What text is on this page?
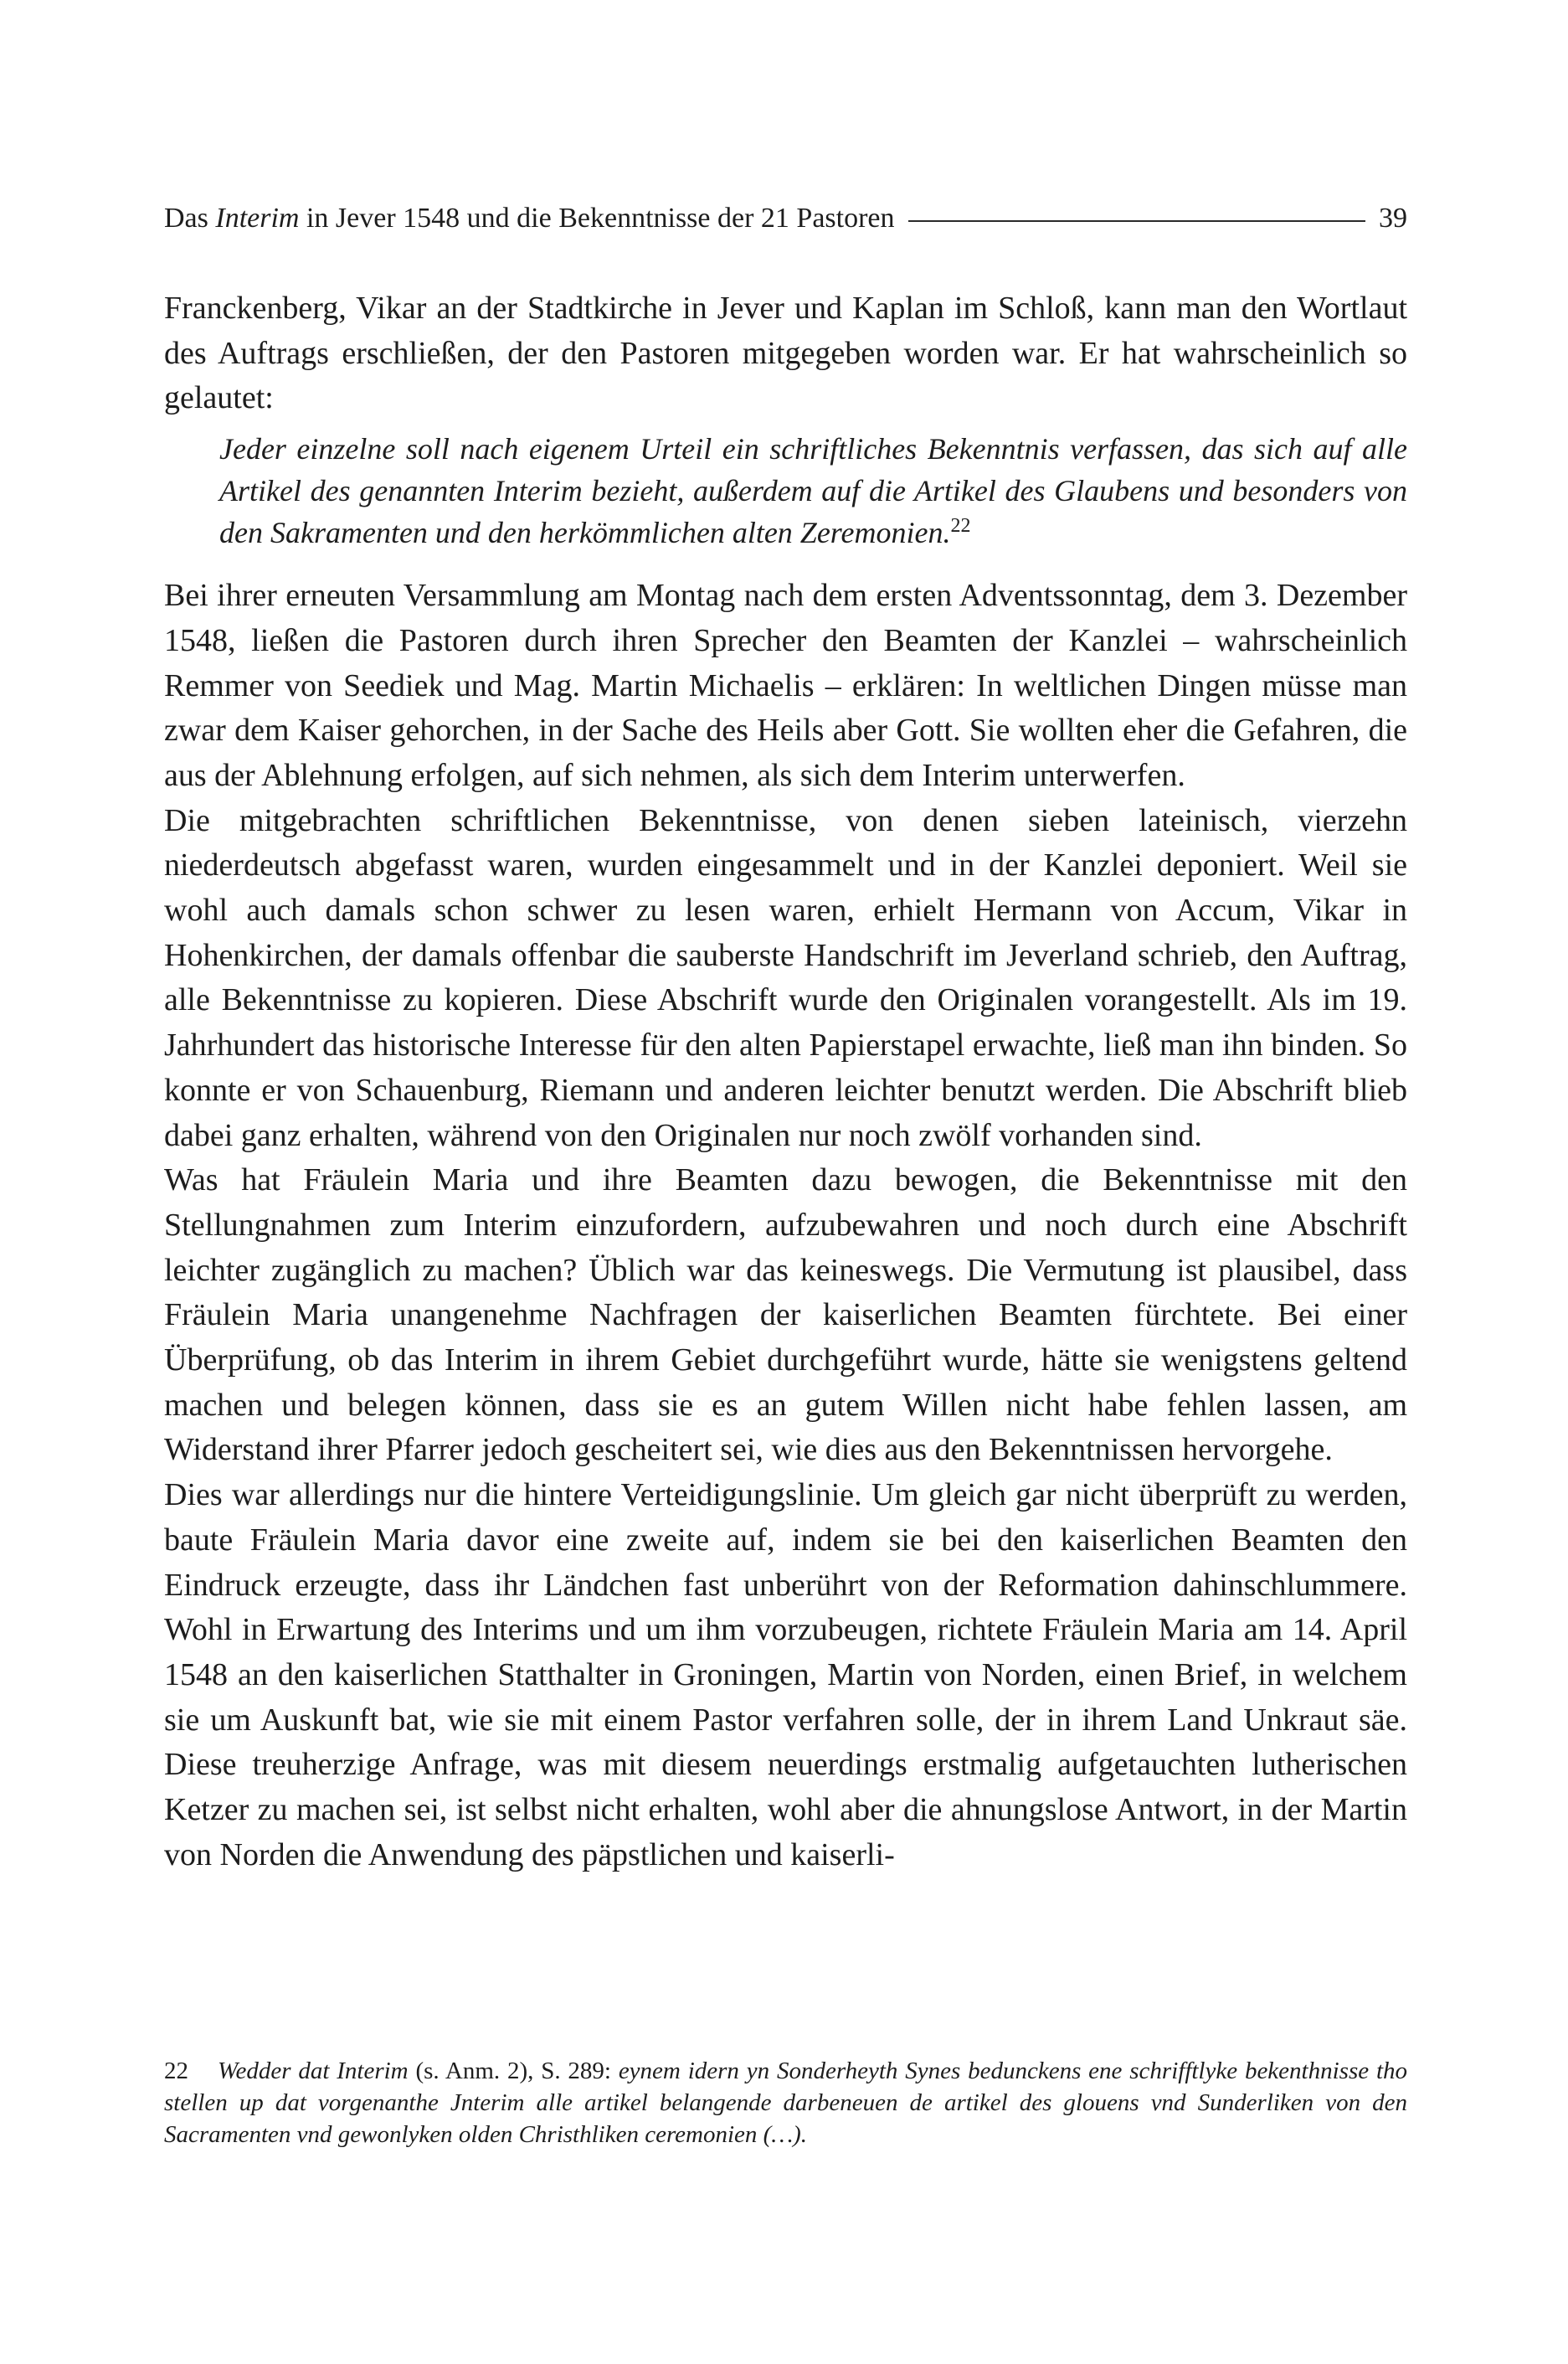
Das Interim in Jever 1548 und die Bekenntnisse der 21 Pastoren	39

Franckenberg, Vikar an der Stadtkirche in Jever und Kaplan im Schloß, kann man den Wortlaut des Auftrags erschließen, der den Pastoren mitgegeben worden war. Er hat wahrscheinlich so gelautet:

Jeder einzelne soll nach eigenem Urteil ein schriftliches Bekenntnis verfassen, das sich auf alle Artikel des genannten Interim bezieht, außerdem auf die Artikel des Glaubens und besonders von den Sakramenten und den herkömmlichen alten Zeremonien.$^{22}$

Bei ihrer erneuten Versammlung am Montag nach dem ersten Adventssonntag, dem 3. Dezember 1548, ließen die Pastoren durch ihren Sprecher den Beamten der Kanzlei – wahrscheinlich Remmer von Seediek und Mag. Martin Michaelis – erklären: In weltlichen Dingen müsse man zwar dem Kaiser gehorchen, in der Sache des Heils aber Gott. Sie wollten eher die Gefahren, die aus der Ablehnung erfolgen, auf sich nehmen, als sich dem Interim unterwerfen.

Die mitgebrachten schriftlichen Bekenntnisse, von denen sieben lateinisch, vierzehn niederdeutsch abgefasst waren, wurden eingesammelt und in der Kanzlei deponiert. Weil sie wohl auch damals schon schwer zu lesen waren, erhielt Hermann von Accum, Vikar in Hohenkirchen, der damals offenbar die sauberste Handschrift im Jeverland schrieb, den Auftrag, alle Bekenntnisse zu kopieren. Diese Abschrift wurde den Originalen vorangestellt. Als im 19. Jahrhundert das historische Interesse für den alten Papierstapel erwachte, ließ man ihn binden. So konnte er von Schauenburg, Riemann und anderen leichter benutzt werden. Die Abschrift blieb dabei ganz erhalten, während von den Originalen nur noch zwölf vorhanden sind.

Was hat Fräulein Maria und ihre Beamten dazu bewogen, die Bekenntnisse mit den Stellungnahmen zum Interim einzufordern, aufzubewahren und noch durch eine Abschrift leichter zugänglich zu machen? Üblich war das keineswegs. Die Vermutung ist plausibel, dass Fräulein Maria unangenehme Nachfragen der kaiserlichen Beamten fürchtete. Bei einer Überprüfung, ob das Interim in ihrem Gebiet durchgeführt wurde, hätte sie wenigstens geltend machen und belegen können, dass sie es an gutem Willen nicht habe fehlen lassen, am Widerstand ihrer Pfarrer jedoch gescheitert sei, wie dies aus den Bekenntnissen hervorgehe.

Dies war allerdings nur die hintere Verteidigungslinie. Um gleich gar nicht überprüft zu werden, baute Fräulein Maria davor eine zweite auf, indem sie bei den kaiserlichen Beamten den Eindruck erzeugte, dass ihr Ländchen fast unberührt von der Reformation dahinschlummere. Wohl in Erwartung des Interims und um ihm vorzubeugen, richtete Fräulein Maria am 14. April 1548 an den kaiserlichen Statthalter in Groningen, Martin von Norden, einen Brief, in welchem sie um Auskunft bat, wie sie mit einem Pastor verfahren solle, der in ihrem Land Unkraut säe. Diese treuherzige Anfrage, was mit diesem neuerdings erstmalig aufgetauchten lutherischen Ketzer zu machen sei, ist selbst nicht erhalten, wohl aber die ahnungslose Antwort, in der Martin von Norden die Anwendung des päpstlichen und kaiserli-

22 Wedder dat Interim (s. Anm. 2), S. 289: eynem idern yn Sonderheyth Synes bedunckens ene schrifftlyke bekenthnisse tho stellen up dat vorgenanthe Jnterim alle artikel belangende darbeneuen de artikel des glouens vnd Sunderliken von den Sacramenten vnd gewonlyken olden Christhliken ceremonien (…).
